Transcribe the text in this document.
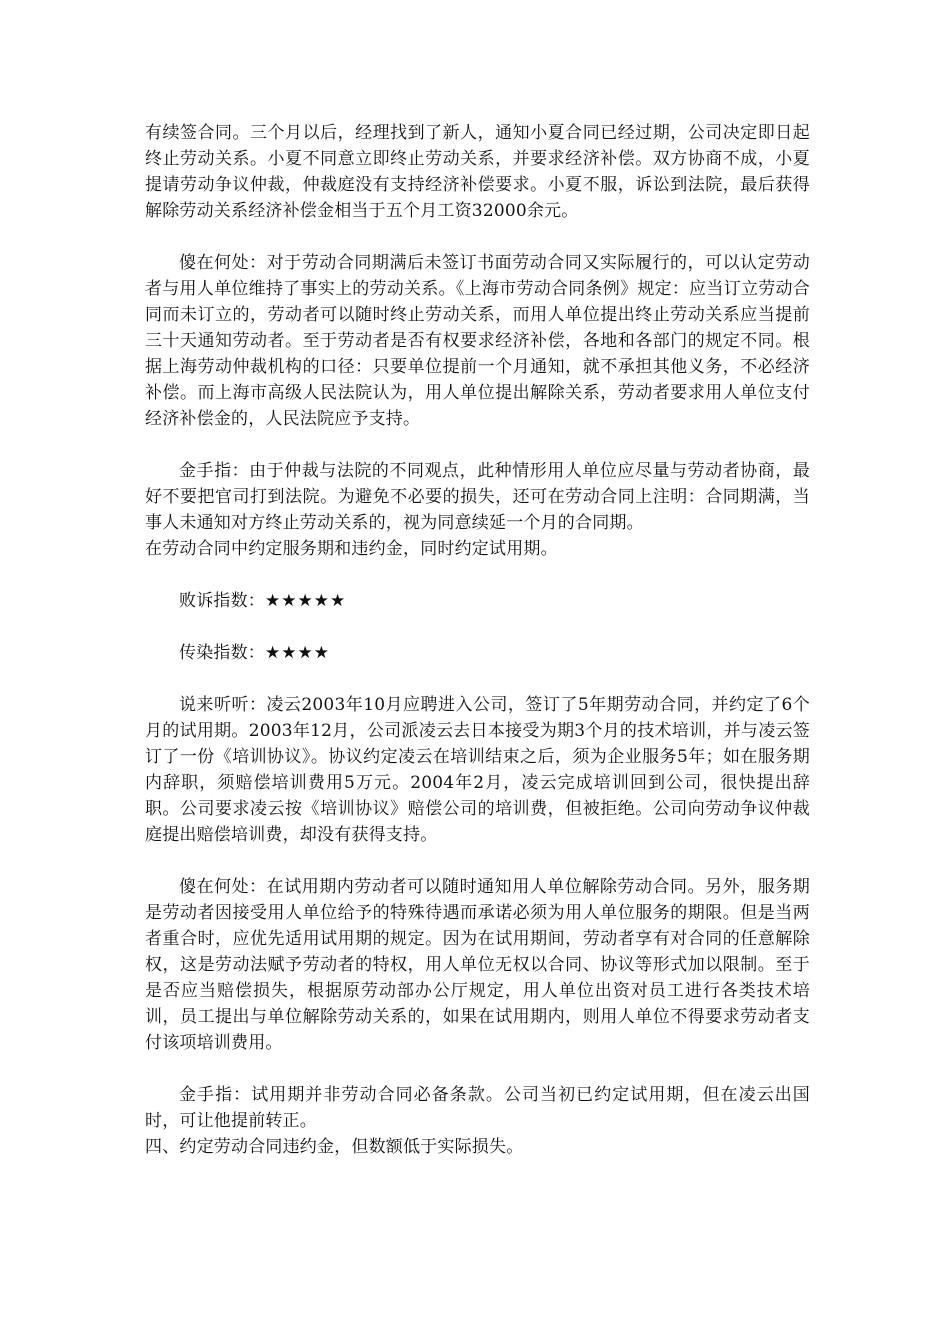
有续签合同。三个月以后，经理找到了新人，通知小夏合同已经过期，公司决定即日起终止劳动关系。小夏不同意立即终止劳动关系，并要求经济补偿。双方协商不成，小夏提请劳动争议仲裁，仲裁庭没有支持经济补偿要求。小夏不服，诉讼到法院，最后获得解除劳动关系经济补偿金相当于五个月工资32000余元。

傻在何处：对于劳动合同期满后未签订书面劳动合同又实际履行的，可以认定劳动者与用人单位维持了事实上的劳动关系。《上海市劳动合同条例》规定：应当订立劳动合同而未订立的，劳动者可以随时终止劳动关系，而用人单位提出终止劳动关系应当提前三十天通知劳动者。至于劳动者是否有权要求经济补偿，各地和各部门的规定不同。根据上海劳动仲裁机构的口径：只要单位提前一个月通知，就不承担其他义务，不必经济补偿。而上海市高级人民法院认为，用人单位提出解除关系，劳动者要求用人单位支付经济补偿金的，人民法院应予支持。

金手指：由于仲裁与法院的不同观点，此种情形用人单位应尽量与劳动者协商，最好不要把官司打到法院。为避免不必要的损失，还可在劳动合同上注明：合同期满，当事人未通知对方终止劳动关系的，视为同意续延一个月的合同期。

在劳动合同中约定服务期和违约金，同时约定试用期。

败诉指数：★★★★★

传染指数：★★★★

说来听听：凌云2003年10月应聘进入公司，签订了5年期劳动合同，并约定了6个月的试用期。2003年12月，公司派凌云去日本接受为期3个月的技术培训，并与凌云签订了一份《培训协议》。协议约定凌云在培训结束之后，须为企业服务5年；如在服务期内辞职，须赔偿培训费用5万元。2004年2月，凌云完成培训回到公司，很快提出辞职。公司要求凌云按《培训协议》赔偿公司的培训费，但被拒绝。公司向劳动争议仲裁庭提出赔偿培训费，却没有获得支持。

傻在何处：在试用期内劳动者可以随时通知用人单位解除劳动合同。另外，服务期是劳动者因接受用人单位给予的特殊待遇而承诺必须为用人单位服务的期限。但是当两者重合时，应优先适用试用期的规定。因为在试用期间，劳动者享有对合同的任意解除权，这是劳动法赋予劳动者的特权，用人单位无权以合同、协议等形式加以限制。至于是否应当赔偿损失，根据原劳动部办公厅规定，用人单位出资对员工进行各类技术培训，员工提出与单位解除劳动关系的，如果在试用期内，则用人单位不得要求劳动者支付该项培训费用。

金手指：试用期并非劳动合同必备条款。公司当初已约定试用期，但在凌云出国时，可让他提前转正。

四、约定劳动合同违约金，但数额低于实际损失。
